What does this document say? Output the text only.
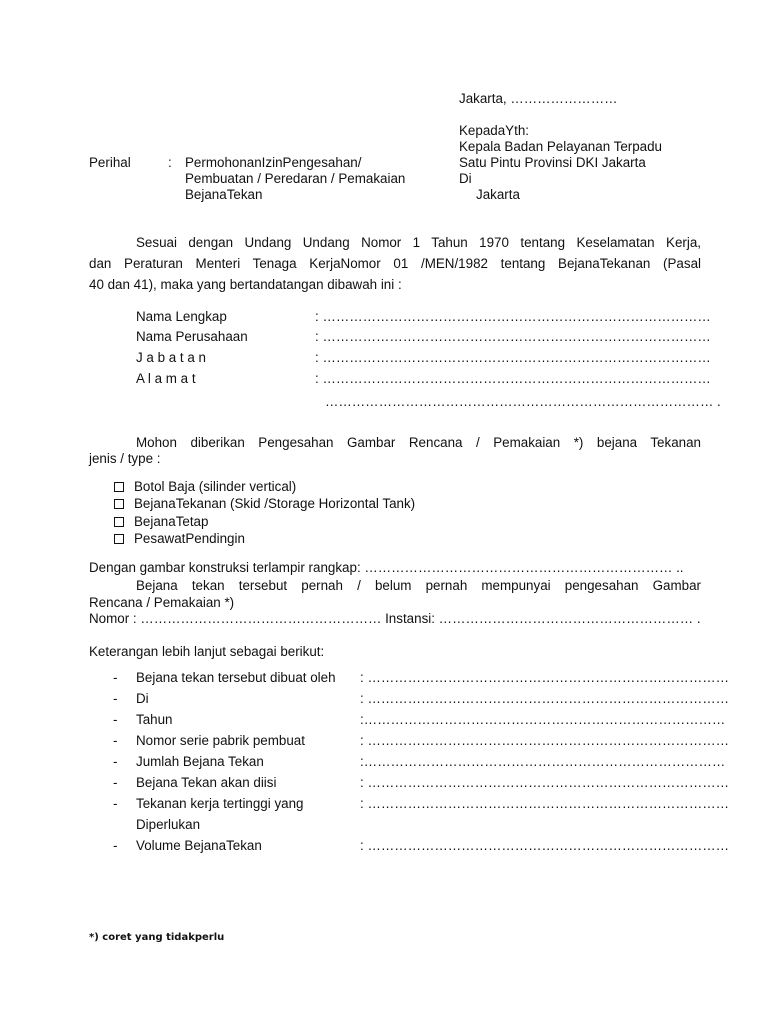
Jakarta, ……………………
KepadaYth:
Kepala Badan Pelayanan Terpadu
Satu Pintu Provinsi DKI Jakarta
Di
Jakarta
Perihal	: PermohonanIzinPengesahan/
Pembuatan / Peredaran / Pemakaian
BejanaTekan
Sesuai dengan Undang Undang Nomor 1 Tahun 1970 tentang Keselamatan Kerja,
dan Peraturan Menteri Tenaga KerjaNomor 01 /MEN/1982 tentang BejanaTekanan (Pasal
40 dan 41), maka yang bertandatangan dibawah ini :
Nama Lengkap	: ……………………………………………………………………………
Nama Perusahaan	: ……………………………………………………………………………
J a b a t a n	: ……………………………………………………………………………
A l a m a t	: ……………………………………………………………………………
…………………………………………………………………………… .
Mohon diberikan Pengesahan Gambar Rencana / Pemakaian *) bejana Tekanan
jenis / type :
Botol Baja (silinder vertical)
BejanaTekanan (Skid /Storage Horizontal Tank)
BejanaTetap
PesawatPendingin
Dengan gambar konstruksi terlampir rangkap: …………………………………………………………… ..
Bejana tekan tersebut pernah / belum pernah mempunyai pengesahan Gambar
Rencana / Pemakaian *)
Nomor : ……………………………………………… Instansi: ………………………………………………… .
Keterangan lebih lanjut sebagai berikut:
- Bejana tekan tersebut dibuat oleh : ………………………………………………………………………
- Di	: ………………………………………………………………………
- Tahun	:………………………………………………………………………
- Nomor serie pabrik pembuat	: ………………………………………………………………………
- Jumlah Bejana Tekan	:………………………………………………………………………
- Bejana Tekan akan diisi	: ………………………………………………………………………
- Tekanan kerja tertinggi yang	: ………………………………………………………………………
Diperlukan
- Volume BejanaTekan	: ………………………………………………………………………
*) coret yang tidakperlu
